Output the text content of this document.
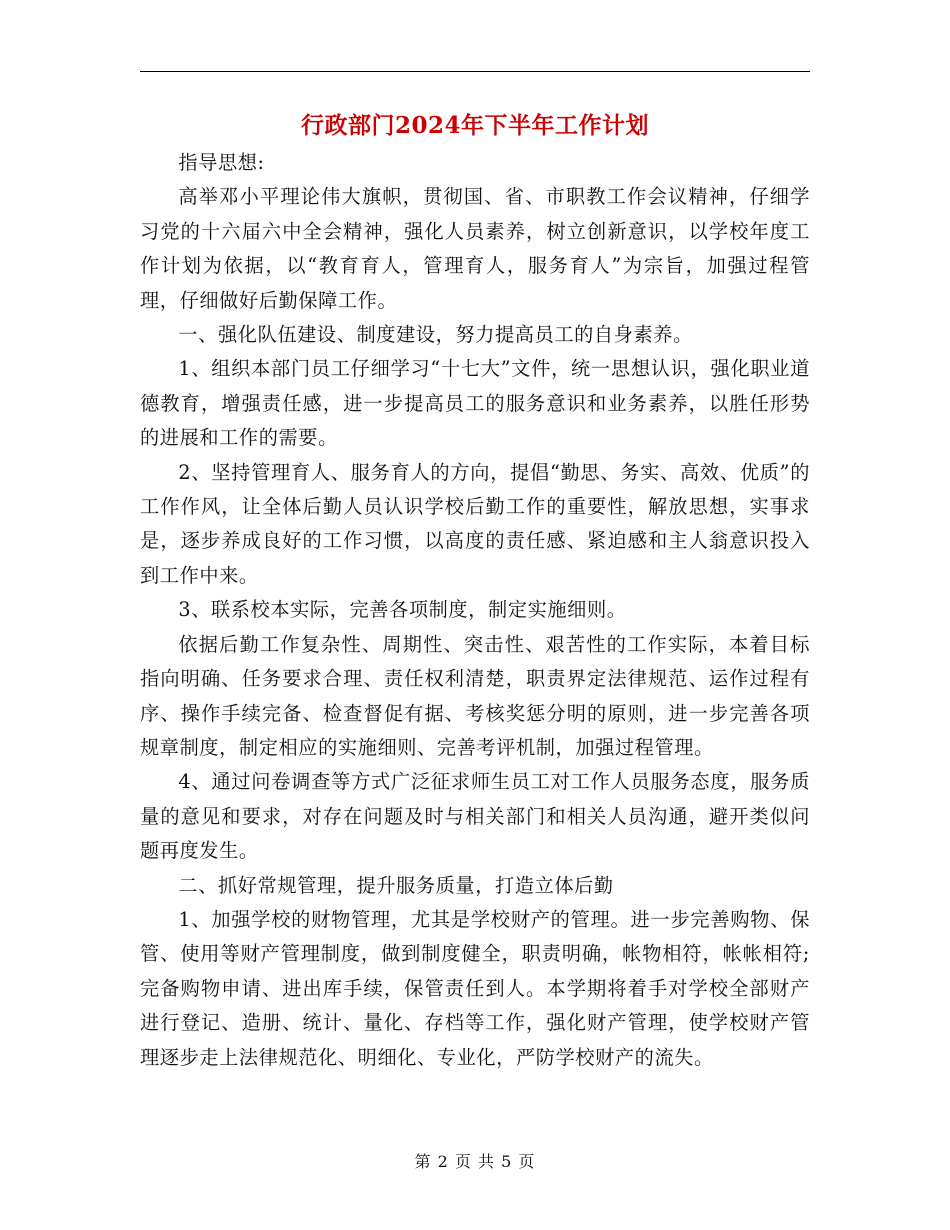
行政部门2024年下半年工作计划

指导思想:

高举邓小平理论伟大旗帜，贯彻国、省、市职教工作会议精神，仔细学习党的十六届六中全会精神，强化人员素养，树立创新意识，以学校年度工作计划为依据，以“教育育人，管理育人，服务育人”为宗旨，加强过程管理，仔细做好后勤保障工作。

一、强化队伍建设、制度建设，努力提高员工的自身素养。

1、组织本部门员工仔细学习“十七大”文件，统一思想认识，强化职业道德教育，增强责任感，进一步提高员工的服务意识和业务素养，以胜任形势的进展和工作的需要。

2、坚持管理育人、服务育人的方向，提倡“勤思、务实、高效、优质”的工作作风，让全体后勤人员认识学校后勤工作的重要性，解放思想，实事求是，逐步养成良好的工作习惯，以高度的责任感、紧迫感和主人翁意识投入到工作中来。

3、联系校本实际，完善各项制度，制定实施细则。

依据后勤工作复杂性、周期性、突击性、艰苦性的工作实际，本着目标指向明确、任务要求合理、责任权利清楚，职责界定法律规范、运作过程有序、操作手续完备、检查督促有据、考核奖惩分明的原则，进一步完善各项规章制度，制定相应的实施细则、完善考评机制，加强过程管理。

4、通过问卷调查等方式广泛征求师生员工对工作人员服务态度，服务质量的意见和要求，对存在问题及时与相关部门和相关人员沟通，避开类似问题再度发生。

二、抓好常规管理，提升服务质量，打造立体后勤

1、加强学校的财物管理，尤其是学校财产的管理。进一步完善购物、保管、使用等财产管理制度，做到制度健全，职责明确，帐物相符，帐帐相符;完备购物申请、进出库手续，保管责任到人。本学期将着手对学校全部财产进行登记、造册、统计、量化、存档等工作，强化财产管理，使学校财产管理逐步走上法律规范化、明细化、专业化，严防学校财产的流失。

第 2 页 共 5 页
